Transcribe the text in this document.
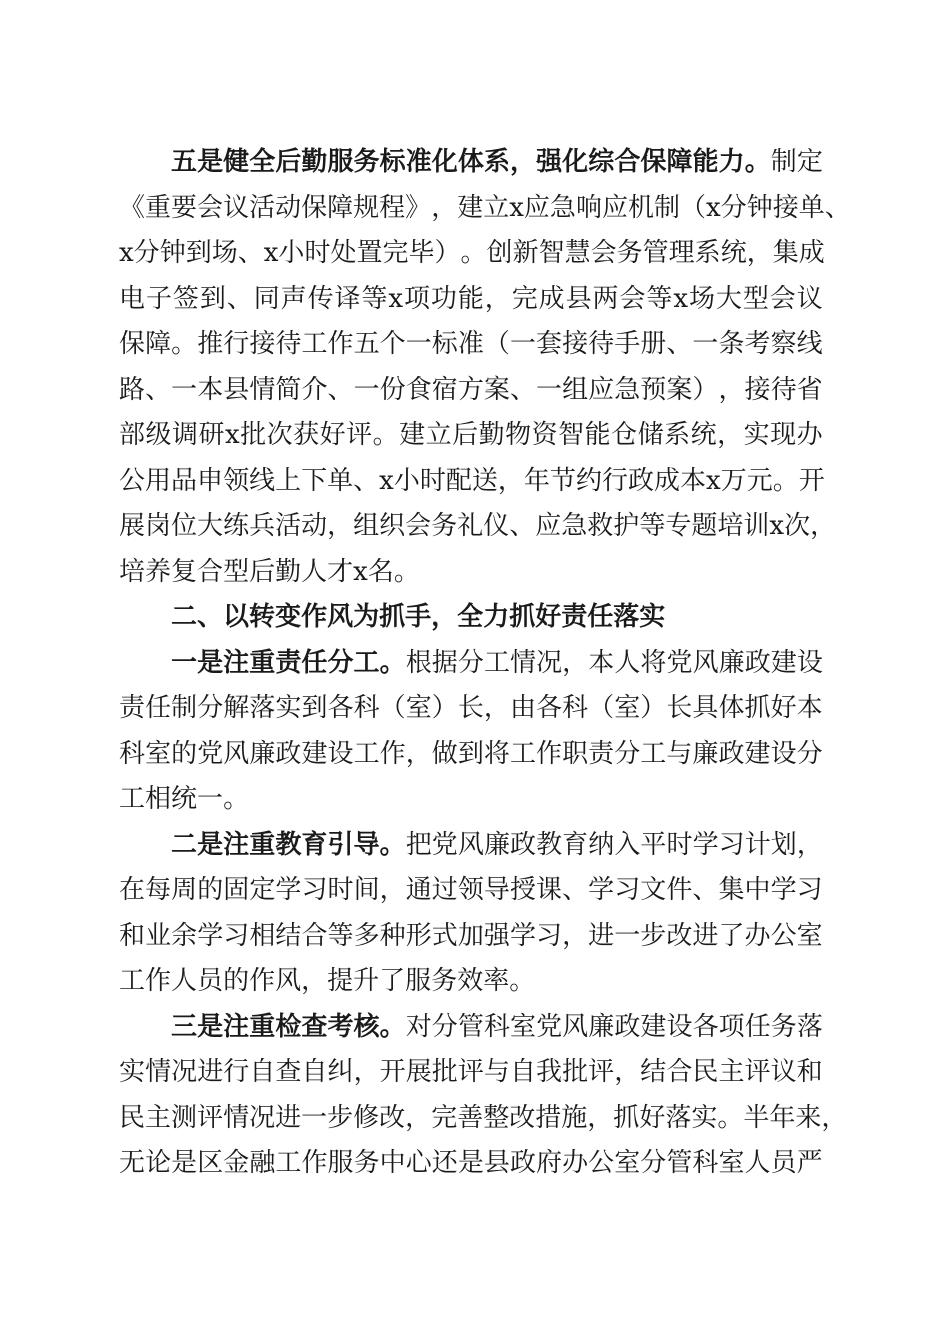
五 是 健 全 后 勤 服 务 标 准 化 体 系 ， 强 化 综 合 保 障 能 力 。 制 定
《 重 要 会 议 活 动 保 障 规 程 》 ， 建 立 x 应 急 响 应 机 制 （ x 分 钟 接 单 、
x 分 钟 到 场 、 x 小 时 处 置 完 毕 ） 。 创 新 智 慧 会 务 管 理 系 统 ， 集 成
电 子 签 到 、 同 声 传 译 等 x 项 功 能 ， 完 成 县 两 会 等 x 场 大 型 会 议
保 障 。 推 行 接 待 工 作 五 个 一 标 准 （ 一 套 接 待 手 册 、 一 条 考 察 线
路 、 一 本 县 情 简 介 、 一 份 食 宿 方 案 、 一 组 应 急 预 案 ） ， 接 待 省
部 级 调 研 x 批 次 获 好 评 。 建 立 后 勤 物 资 智 能 仓 储 系 统 ， 实 现 办
公 用 品 申 领 线 上 下 单 、 x 小 时 配 送 ， 年 节 约 行 政 成 本 x 万 元 。 开
展 岗 位 大 练 兵 活 动 ， 组 织 会 务 礼 仪 、 应 急 救 护 等 专 题 培 训 x 次 ，
培 养 复 合 型 后 勤 人 才 x 名 。
二 、 以 转 变 作 风 为 抓 手 ， 全 力 抓 好 责 任 落 实
一 是 注 重 责 任 分 工 。 根 据 分 工 情 况 ， 本 人 将 党 风 廉 政 建 设
责 任 制 分 解 落 实 到 各 科 （ 室 ） 长 ， 由 各 科 （ 室 ） 长 具 体 抓 好 本
科 室 的 党 风 廉 政 建 设 工 作 ， 做 到 将 工 作 职 责 分 工 与 廉 政 建 设 分
工 相 统 一 。
二 是 注 重 教 育 引 导 。 把 党 风 廉 政 教 育 纳 入 平 时 学 习 计 划 ，
在 每 周 的 固 定 学 习 时 间 ， 通 过 领 导 授 课 、 学 习 文 件 、 集 中 学 习
和 业 余 学 习 相 结 合 等 多 种 形 式 加 强 学 习 ， 进 一 步 改 进 了 办 公 室
工 作 人 员 的 作 风 ， 提 升 了 服 务 效 率 。
三 是 注 重 检 查 考 核 。 对 分 管 科 室 党 风 廉 政 建 设 各 项 任 务 落
实 情 况 进 行 自 查 自 纠 ， 开 展 批 评 与 自 我 批 评 ， 结 合 民 主 评 议 和
民 主 测 评 情 况 进 一 步 修 改 ， 完 善 整 改 措 施 ， 抓 好 落 实 。 半 年 来 ，
无 论 是 区 金 融 工 作 服 务 中 心 还 是 县 政 府 办 公 室 分 管 科 室 人 员 严
